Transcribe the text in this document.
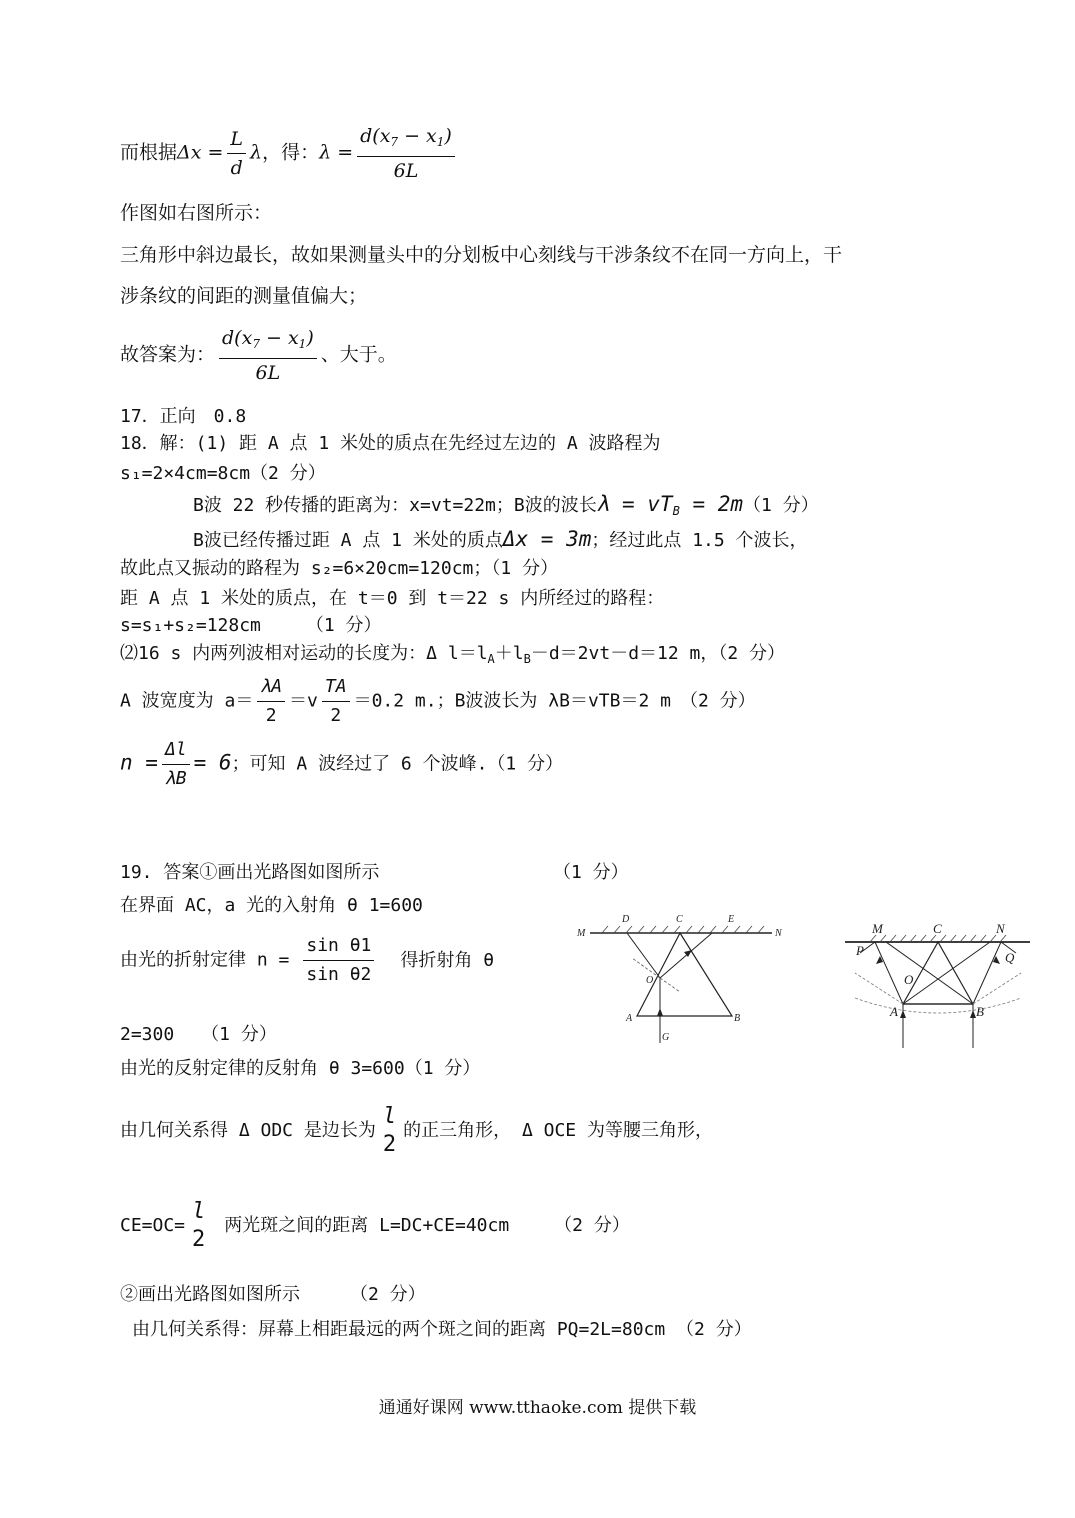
而根据$\Delta x = \frac{L}{d}$ λ，得：$\lambda = \frac{d(x_7 - x_1)}{6L}$
作图如右图所示：
三角形中斜边最长，故如果测量头中的分划板中心刻线与干涉条纹不在同一方向上，干
涉条纹的间距的测量值偏大；
故答案为： $\frac{d(x_7 - x_1)}{6L}$ 、大于。
17．正向　0.8
18．解：(1) 距 A 点 1 米处的质点在先经过左边的 A 波路程为
s₁=2×4cm=8cm（2 分）
B波 22 秒传播的距离为：x=vt=22m；B波的波长$\lambda = vT_B = 2m(1$ 分）
B波已经传播过距 A 点 1 米处的质点Δx = 3m；经过此点 1.5 个波长，
故此点又振动的路程为 s₂=6×20cm=120cm；（1 分）
距 A 点 1 米处的质点，在 t＝0 到 t＝22 s 内所经过的路程：
s=s₁+s₂=128cm　　　（1 分）
⑵16 s 内两列波相对运动的长度为：Δ $l=l_A+l_B-d=2vt-d=12$ m，（2 分）
A 波宽度为 $a= \frac{\lambda A}{2} =v \frac{TA}{2} =0.2$ m.；B波波长为 λB＝vTB＝2 m　（2 分）
$n = \frac{\Delta l}{\lambda B} = 6$；可知 A 波经过了 6 个波峰.（1 分）
19. 答案①画出光路图如图所示	（1 分）
在界面 AC，a 光的入射角 θ 1=600
由光的折射定律 $n = \frac{\text{sin θ1}}{\text{sin θ2}}$ 得折射角 θ
2=300　　（1 分）
由光的反射定律的反射角 θ 3=600（1 分）
由几何关系得 Δ ODC 是边长为
l
2
的正三角形， Δ OCE 为等腰三角形，
CE=OC=
l
2
两光斑之间的距离 L=DC+CE=40cm　　　（2 分）
②画出光路图如图所示	（2 分）
由几何关系得：屏幕上相距最远的两个斑之间的距离 PQ=2L=80cm （2 分）
D	C	E
M	N
O
A	B
G
M	C	N
P	Q
O
A	B
通通好课网 www.tthaoke.com 提供下载
